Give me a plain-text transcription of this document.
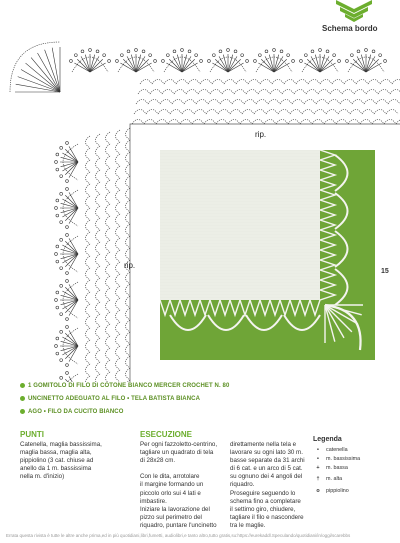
Schema bordo
rip.
rip.
15
1 GOMITOLO DI FILO DI COTONE BIANCO MERCER CROCHET N. 80
UNCINETTO ADEGUATO AL FILO • TELA BATISTA BIANCA
AGO • FILO DA CUCITO BIANCO
PUNTI
Catenella, maglia bassissima,
maglia bassa, maglia alta,
pippiolino (3 cat. chiuse ad
anello da 1 m. bassissima
nella m. d'inizio)
ESECUZIONE
Per ogni fazzoletto-centrino,
tagliare un quadrato di tela
di 28x28 cm.

Con le dita, arrotolare
il margine formando un
piccolo orlo sui 4 lati e
imbastire.
Iniziare la lavorazione del
pizzo sul perimetro del
riquadro, puntare l'uncinetto
direttamente nella tela e
lavorare su ogni lato 30 m.
basse separate da 31 archi
di 6 cat. e un arco di 5 cat.
su ognuno dei 4 angoli del
riquadro.
Proseguire seguendo lo
schema fino a completare
il settimo giro, chiudere,
tagliare il filo e nascondere
tra le maglie.
Legenda
• catenella
• m. bassissima
+ m. bassa
† m. alta
o pippiolino
Errata questa rivista è tutte le altre anche prima,ed in più quotidiani,libri,fumetti, audiolibri,e tanto altro,tutto gratis,su:https://eurekaddl.Speculando/quotidiani/in/oggi/scarebbs
